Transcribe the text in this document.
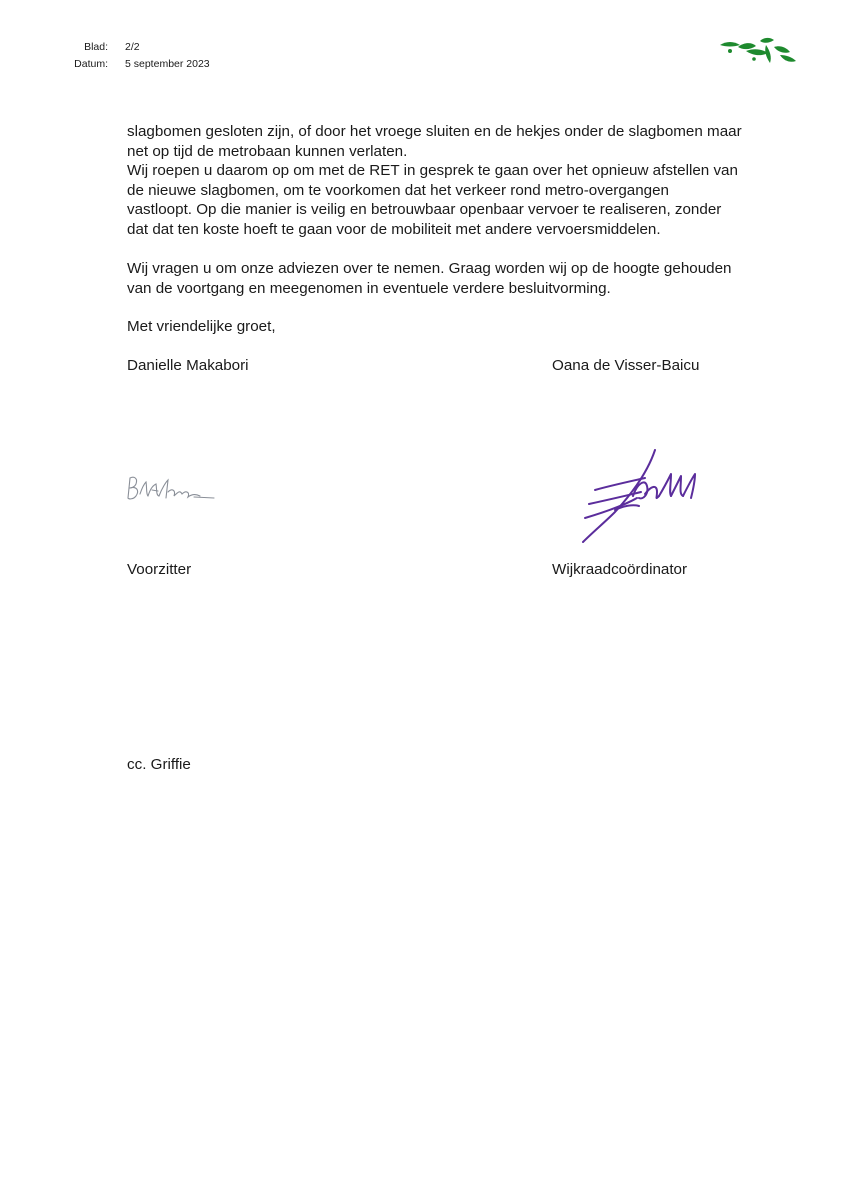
Blad: 2/2
Datum: 5 september 2023
slagbomen gesloten zijn, of door het vroege sluiten en de hekjes onder de slagbomen maar
net op tijd de metrobaan kunnen verlaten.
Wij roepen u daarom op om met de RET in gesprek te gaan over het opnieuw afstellen van
de nieuwe slagbomen, om te voorkomen dat het verkeer rond metro-overgangen
vastloopt. Op die manier is veilig en betrouwbaar openbaar vervoer te realiseren, zonder
dat dat ten koste hoeft te gaan voor de mobiliteit met andere vervoersmiddelen.
Wij vragen u om onze adviezen over te nemen. Graag worden wij op de hoogte gehouden
van de voortgang en meegenomen in eventuele verdere besluitvorming.
Met vriendelijke groet,
Danielle Makabori	Oana de Visser-Baicu
Voorzitter	Wijkraadcoördinator
cc. Griffie
